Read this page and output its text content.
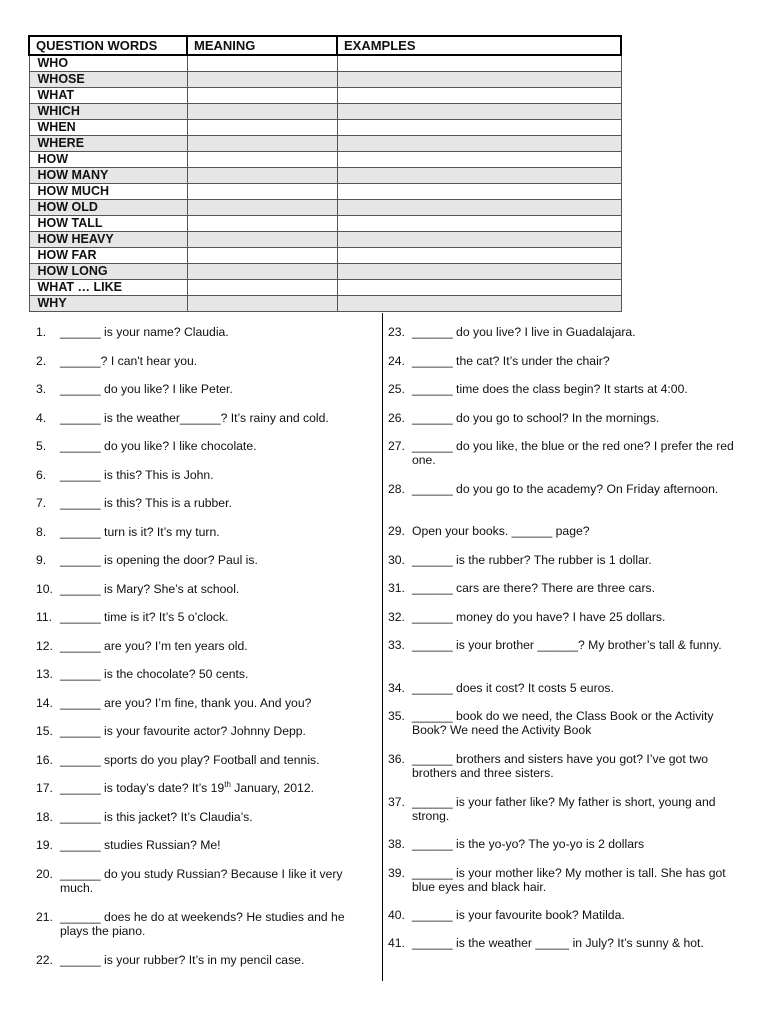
QUESTION WORDS	MEANING	EXAMPLES
WHO		
WHOSE		
WHAT		
WHICH		
WHEN		
WHERE		
HOW		
HOW MANY		
HOW MUCH		
HOW OLD		
HOW TALL		
HOW HEAVY		
HOW FAR		
HOW LONG		
WHAT … LIKE		
WHY		
1.	______ is your name? Claudia.
2.	______? I can't hear you.
3.	______ do you like? I like Peter.
4.	______ is the weather______? It’s rainy and cold.
5.	______ do you like? I like chocolate.
6.	______ is this? This is John.
7.	______ is this? This is a rubber.
8.	______ turn is it? It’s my turn.
9.	______ is opening the door? Paul is.
10. ______ is Mary? She’s at school.
11. ______ time is it? It’s 5 o’clock.
12. ______ are you? I’m ten years old.
13. ______ is the chocolate? 50 cents.
14. ______ are you? I’m fine, thank you. And you?
15. ______ is your favourite actor? Johnny Depp.
16. ______ sports do you play? Football and tennis.
17. ______ is today’s date? It’s 19th January, 2012.
18. ______ is this jacket? It’s Claudia’s.
19. ______ studies Russian? Me!
20. ______ do you study Russian? Because I like it very much.
21. ______ does he do at weekends? He studies and he plays the piano.
22. ______ is your rubber? It’s in my pencil case.
23. ______ do you live? I live in Guadalajara.
24. ______ the cat? It’s under the chair?
25. ______ time does the class begin? It starts at 4:00.
26. ______ do you go to school? In the mornings.
27. ______ do you like, the blue or the red one? I prefer the red one.
28. ______ do you go to the academy? On Friday afternoon.
29. Open your books. ______ page?
30. ______ is the rubber? The rubber is 1 dollar.
31. ______ cars are there? There are three cars.
32. ______ money do you have? I have 25 dollars.
33. ______ is your brother ______? My brother’s tall & funny.
34. ______ does it cost? It costs 5 euros.
35. ______ book do we need, the Class Book or the Activity Book? We need the Activity Book
36. ______ brothers and sisters have you got? I’ve got two brothers and three sisters.
37. ______ is your father like? My father is short, young and strong.
38. ______ is the yo-yo? The yo-yo is 2 dollars
39. ______ is your mother like? My mother is tall. She has got blue eyes and black hair.
40. ______ is your favourite book? Matilda.
41. ______ is the weather _____ in July? It’s sunny & hot.
